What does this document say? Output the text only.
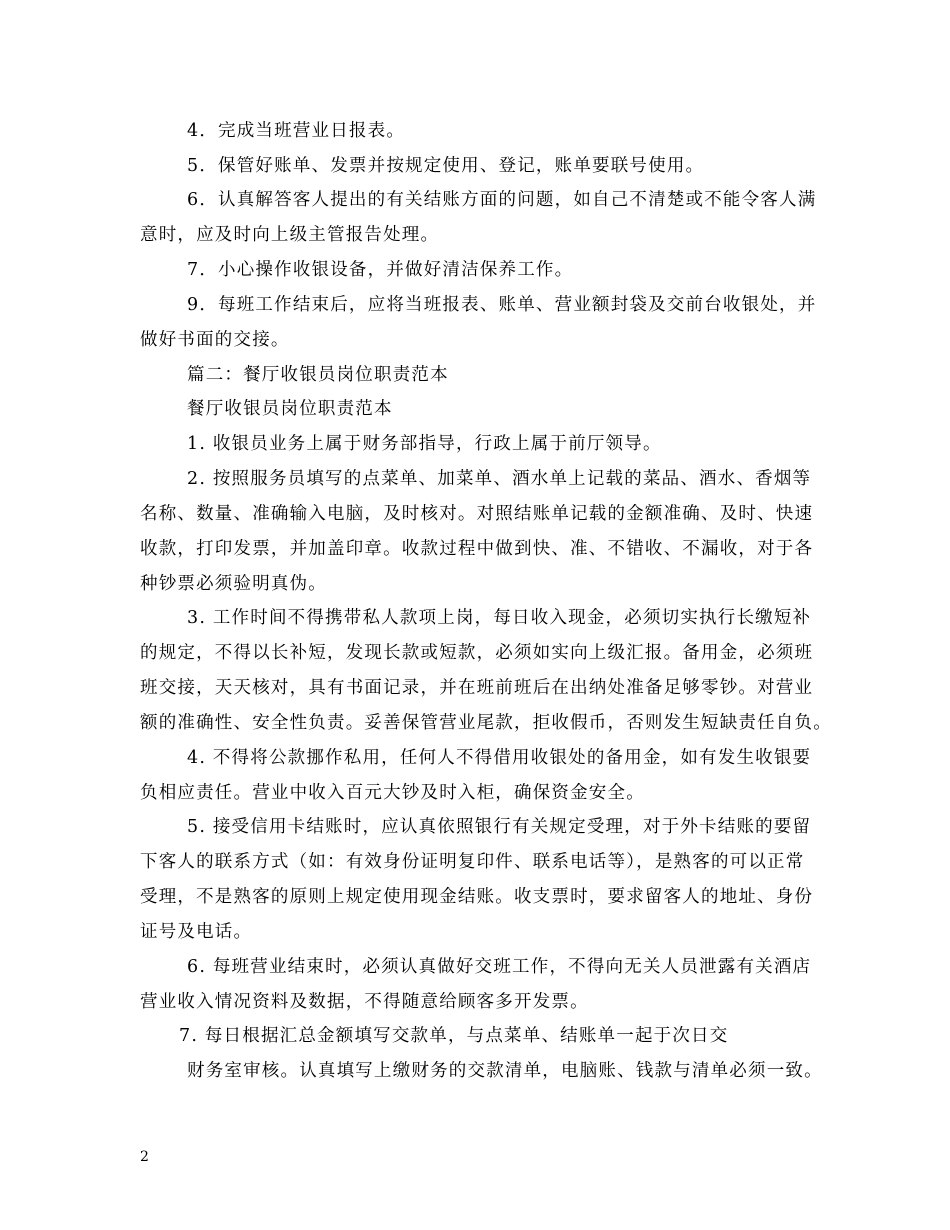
4．完成当班营业日报表。
5．保管好账单、发票并按规定使用、登记，账单要联号使用。
6．认真解答客人提出的有关结账方面的问题，如自己不清楚或不能令客人满
意时，应及时向上级主管报告处理。
7．小心操作收银设备，并做好清洁保养工作。
9．每班工作结束后，应将当班报表、账单、营业额封袋及交前台收银处，并
做好书面的交接。
篇二：餐厅收银员岗位职责范本
餐厅收银员岗位职责范本
1. 收银员业务上属于财务部指导，行政上属于前厅领导。
2. 按照服务员填写的点菜单、加菜单、酒水单上记载的菜品、酒水、香烟等
名称、数量、准确输入电脑，及时核对。对照结账单记载的金额准确、及时、快速
收款，打印发票，并加盖印章。收款过程中做到快、准、不错收、不漏收，对于各
种钞票必须验明真伪。
3. 工作时间不得携带私人款项上岗，每日收入现金，必须切实执行长缴短补
的规定，不得以长补短，发现长款或短款，必须如实向上级汇报。备用金，必须班
班交接，天天核对，具有书面记录，并在班前班后在出纳处准备足够零钞。对营业
额的准确性、安全性负责。妥善保管营业尾款，拒收假币，否则发生短缺责任自负。
4. 不得将公款挪作私用，任何人不得借用收银处的备用金，如有发生收银要
负相应责任。营业中收入百元大钞及时入柜，确保资金安全。
5. 接受信用卡结账时，应认真依照银行有关规定受理，对于外卡结账的要留
下客人的联系方式（如：有效身份证明复印件、联系电话等），是熟客的可以正常
受理，不是熟客的原则上规定使用现金结账。收支票时，要求留客人的地址、身份
证号及电话。
6. 每班营业结束时，必须认真做好交班工作，不得向无关人员泄露有关酒店
营业收入情况资料及数据，不得随意给顾客多开发票。
7. 每日根据汇总金额填写交款单，与点菜单、结账单一起于次日交
财务室审核。认真填写上缴财务的交款清单，电脑账、钱款与清单必须一致。
2
